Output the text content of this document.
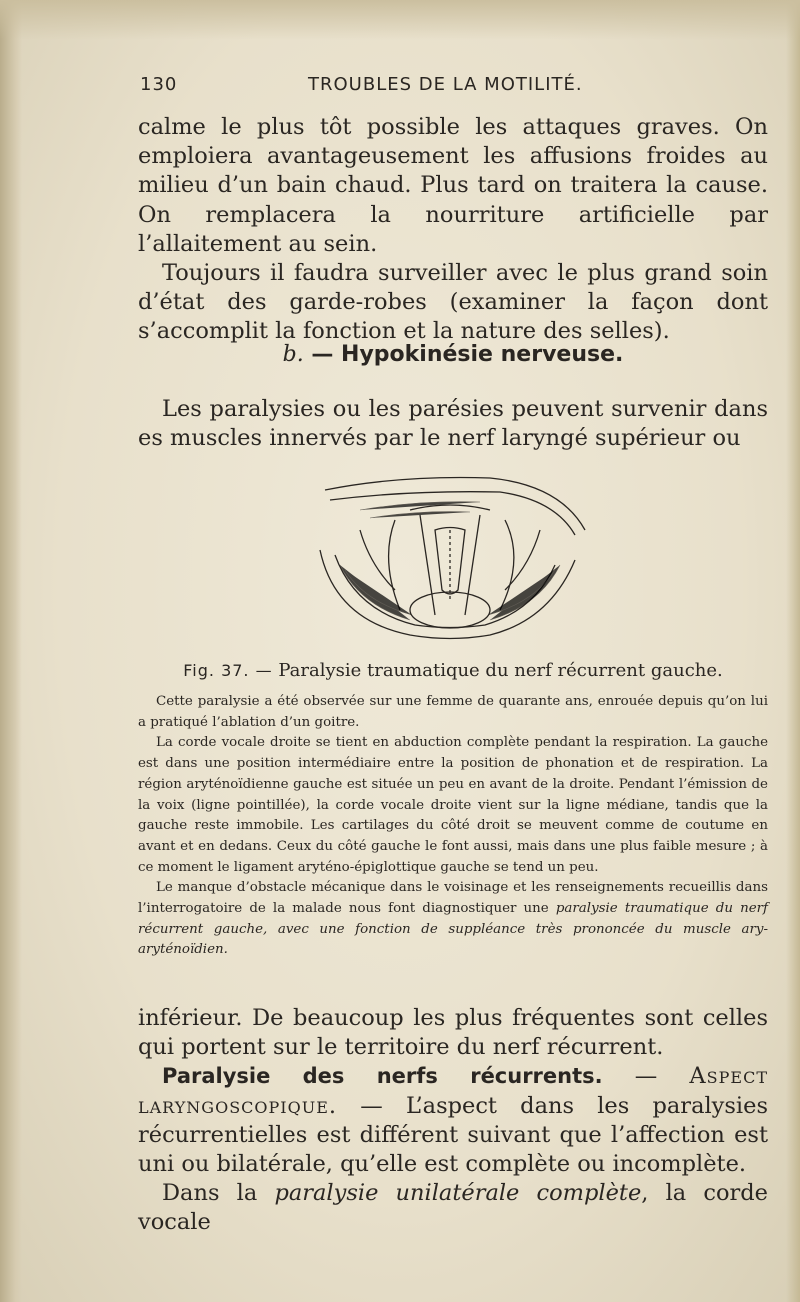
130	TROUBLES DE LA MOTILITÉ.
calme le plus tôt possible les attaques graves. On emploiera avantageusement les affusions froides au milieu d’un bain chaud. Plus tard on traitera la cause. On remplacera la nourriture artificielle par l’allaitement au sein.
Toujours il faudra surveiller avec le plus grand soin d’état des garde-robes (examiner la façon dont s’accomplit la fonction et la nature des selles).
b. — Hypokinésie nerveuse.
Les paralysies ou les parésies peuvent survenir dans es muscles innervés par le nerf laryngé supérieur ou
Fig. 37. — Paralysie traumatique du nerf récurrent gauche.

Cette paralysie a été observée sur une femme de quarante ans, enrouée depuis qu’on lui a pratiqué l’ablation d’un goitre.

La corde vocale droite se tient en abduction complète pendant la respiration. La gauche est dans une position intermédiaire entre la position de phonation et de respiration. La région aryténoïdienne gauche est située un peu en avant de la droite. Pendant l’émission de la voix (ligne pointillée), la corde vocale droite vient sur la ligne médiane, tandis que la gauche reste immobile. Les cartilages du côté droit se meuvent comme de coutume en avant et en dedans. Ceux du côté gauche le font aussi, mais dans une plus faible mesure ; à ce moment le ligament aryténo-épiglottique gauche se tend un peu.

Le manque d’obstacle mécanique dans le voisinage et les renseignements recueillis dans l’interrogatoire de la malade nous font diagnostiquer une paralysie traumatique du nerf récurrent gauche, avec une fonction de suppléance très prononcée du muscle ary-aryténoïdien.

inférieur. De beaucoup les plus fréquentes sont celles qui portent sur le territoire du nerf récurrent.

Paralysie des nerfs récurrents. — Aspect laryngoscopique. — L’aspect dans les paralysies récurrentielles est différent suivant que l’affection est uni ou bilatérale, qu’elle est complète ou incomplète.

Dans la paralysie unilatérale complète, la corde vocale
